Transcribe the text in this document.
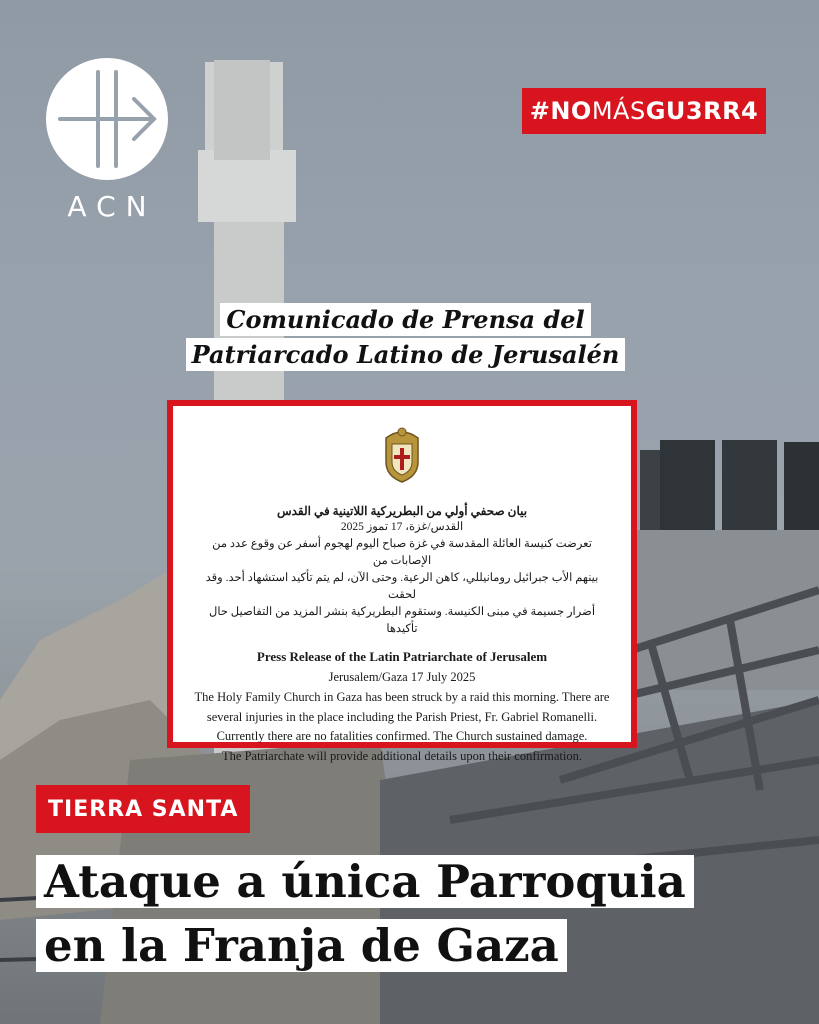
ACN
#NO MÁS GU3RR4
Comunicado de Prensa del
Patriarcado Latino de Jerusalén
بيان صحفي أولي من البطريركية اللاتينية في القدس
القدس/غزة، 17 تموز 2025
تعرضت كنيسة العائلة المقدسة في غزة صباح اليوم لهجوم أسفر عن وقوع عدد من الإصابات من
بينهم الأب جبرائيل رومانيللي، كاهن الرعية. وحتى الآن، لم يتم تأكيد استشهاد أحد. وقد لحقت
أضرار جسيمة في مبنى الكنيسة. وستقوم البطريركية بنشر المزيد من التفاصيل حال تأكيدها
Press Release of the Latin Patriarchate of Jerusalem
Jerusalem/Gaza 17 July 2025
The Holy Family Church in Gaza has been struck by a raid this morning. There are
several injuries in the place including the Parish Priest, Fr. Gabriel Romanelli.
Currently there are no fatalities confirmed. The Church sustained damage.
The Patriarchate will provide additional details upon their confirmation.
TIERRA SANTA
Ataque a única Parroquia
en la Franja de Gaza
